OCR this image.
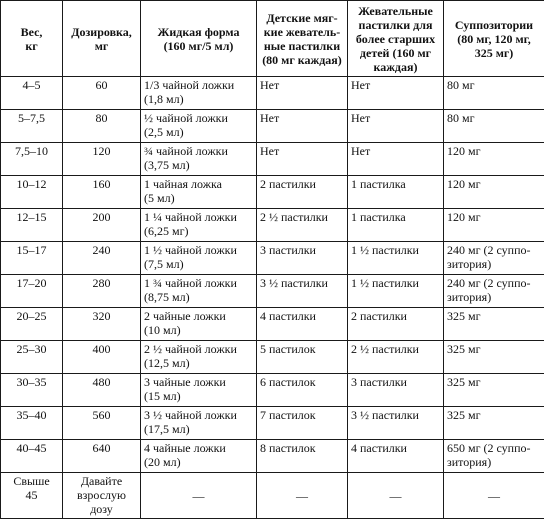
Вес,
кг	Дозировка,
мг	Жидкая форма
(160 мг/5 мл)	Детские мяг-
кие жеватель-
ные пастилки
(80 мг каждая)	Жевательные
пастилки для
более старших
детей (160 мг
каждая)	Суппозитории
(80 мг, 120 мг,
325 мг)
4–5	60	1/3 чайной ложки
(1,8 мл)	Нет	Нет	80 мг
5–7,5	80	½ чайной ложки
(2,5 мл)	Нет	Нет	80 мг
7,5–10	120	¾ чайной ложки
(3,75 мл)	Нет	Нет	120 мг
10–12	160	1 чайная ложка
(5 мл)	2 пастилки	1 пастилка	120 мг
12–15	200	1 ¼ чайной ложки
(6,25 мг)	2 ½ пастилки	1 пастилка	120 мг
15–17	240	1 ½ чайной ложки
(7,5 мл)	3 пастилки	1 ½ пастилки	240 мг (2 суппо-
зитория)
17–20	280	1 ¾ чайной ложки
(8,75 мл)	3 ½ пастилки	1 ½ пастилки	240 мг (2 суппо-
зитория)
20–25	320	2 чайные ложки
(10 мл)	4 пастилки	2 пастилки	325 мг
25–30	400	2 ½ чайной ложки
(12,5 мл)	5 пастилок	2 ½ пастилки	325 мг
30–35	480	3 чайные ложки
(15 мл)	6 пастилок	3 пастилки	325 мг
35–40	560	3 ½ чайной ложки
(17,5 мл)	7 пастилок	3 ½ пастилки	325 мг
40–45	640	4 чайные ложки
(20 мл)	8 пастилок	4 пастилки	650 мг (2 суппо-
зитория)
Свыше
45	Давайте
взрослую
дозу	—	—	—	—
